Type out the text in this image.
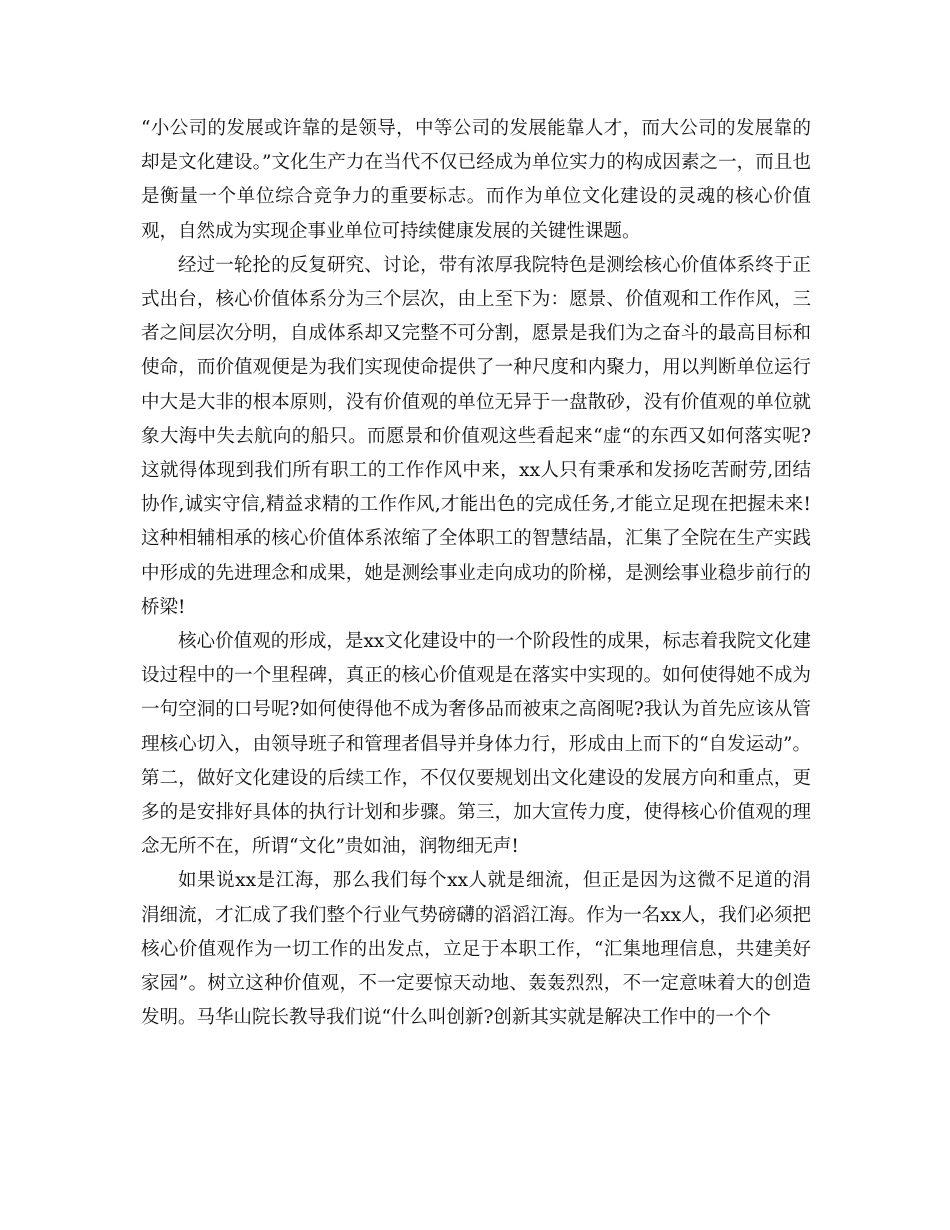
“小公司的发展或许靠的是领导，中等公司的发展能靠人才，而大公司的发展靠的却是文化建设。”文化生产力在当代不仅已经成为单位实力的构成因素之一，而且也是衡量一个单位综合竞争力的重要标志。而作为单位文化建设的灵魂的核心价值观，自然成为实现企事业单位可持续健康发展的关键性课题。

经过一轮抡的反复研究、讨论，带有浓厚我院特色是测绘核心价值体系终于正式出台，核心价值体系分为三个层次，由上至下为：愿景、价值观和工作作风，三者之间层次分明，自成体系却又完整不可分割，愿景是我们为之奋斗的最高目标和使命，而价值观便是为我们实现使命提供了一种尺度和内聚力，用以判断单位运行中大是大非的根本原则，没有价值观的单位无异于一盘散砂，没有价值观的单位就象大海中失去航向的船只。而愿景和价值观这些看起来“虚“的东西又如何落实呢?这就得体现到我们所有职工的工作作风中来，xx人只有秉承和发扬吃苦耐劳,团结协作,诚实守信,精益求精的工作作风,才能出色的完成任务,才能立足现在把握未来!这种相辅相承的核心价值体系浓缩了全体职工的智慧结晶，汇集了全院在生产实践中形成的先进理念和成果，她是测绘事业走向成功的阶梯，是测绘事业稳步前行的桥梁!

核心价值观的形成，是xx文化建设中的一个阶段性的成果，标志着我院文化建设过程中的一个里程碑，真正的核心价值观是在落实中实现的。如何使得她不成为一句空洞的口号呢?如何使得他不成为奢侈品而被束之高阁呢?我认为首先应该从管理核心切入，由领导班子和管理者倡导并身体力行，形成由上而下的“自发运动”。第二，做好文化建设的后续工作，不仅仅要规划出文化建设的发展方向和重点，更多的是安排好具体的执行计划和步骤。第三，加大宣传力度，使得核心价值观的理念无所不在，所谓“文化”贵如油，润物细无声!

如果说xx是江海，那么我们每个xx人就是细流，但正是因为这微不足道的涓涓细流，才汇成了我们整个行业气势磅礴的滔滔江海。作为一名xx人，我们必须把核心价值观作为一切工作的出发点，立足于本职工作，“汇集地理信息，共建美好家园”。树立这种价值观，不一定要惊天动地、轰轰烈烈，不一定意味着大的创造发明。马华山院长教导我们说“什么叫创新?创新其实就是解决工作中的一个个
